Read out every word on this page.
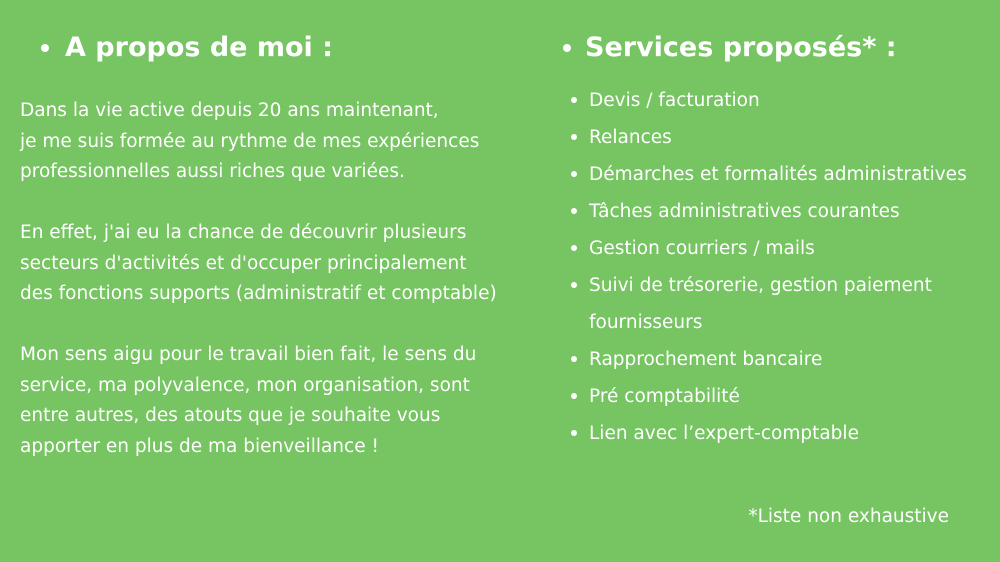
A propos de moi :

Dans la vie active depuis 20 ans maintenant,
je me suis formée au rythme de mes expériences
professionnelles aussi riches que variées.

En effet, j'ai eu la chance de découvrir plusieurs
secteurs d'activités et d'occuper principalement
des fonctions supports (administratif et comptable)

Mon sens aigu pour le travail bien fait, le sens du
service, ma polyvalence, mon organisation, sont
entre autres, des atouts que je souhaite vous
apporter en plus de ma bienveillance !

Services proposés* :
Devis / facturation
Relances
Démarches et formalités administratives
Tâches administratives courantes
Gestion courriers / mails
Suivi de trésorerie, gestion paiement
fournisseurs
Rapprochement bancaire
Pré comptabilité
Lien avec l’expert-comptable
*Liste non exhaustive
